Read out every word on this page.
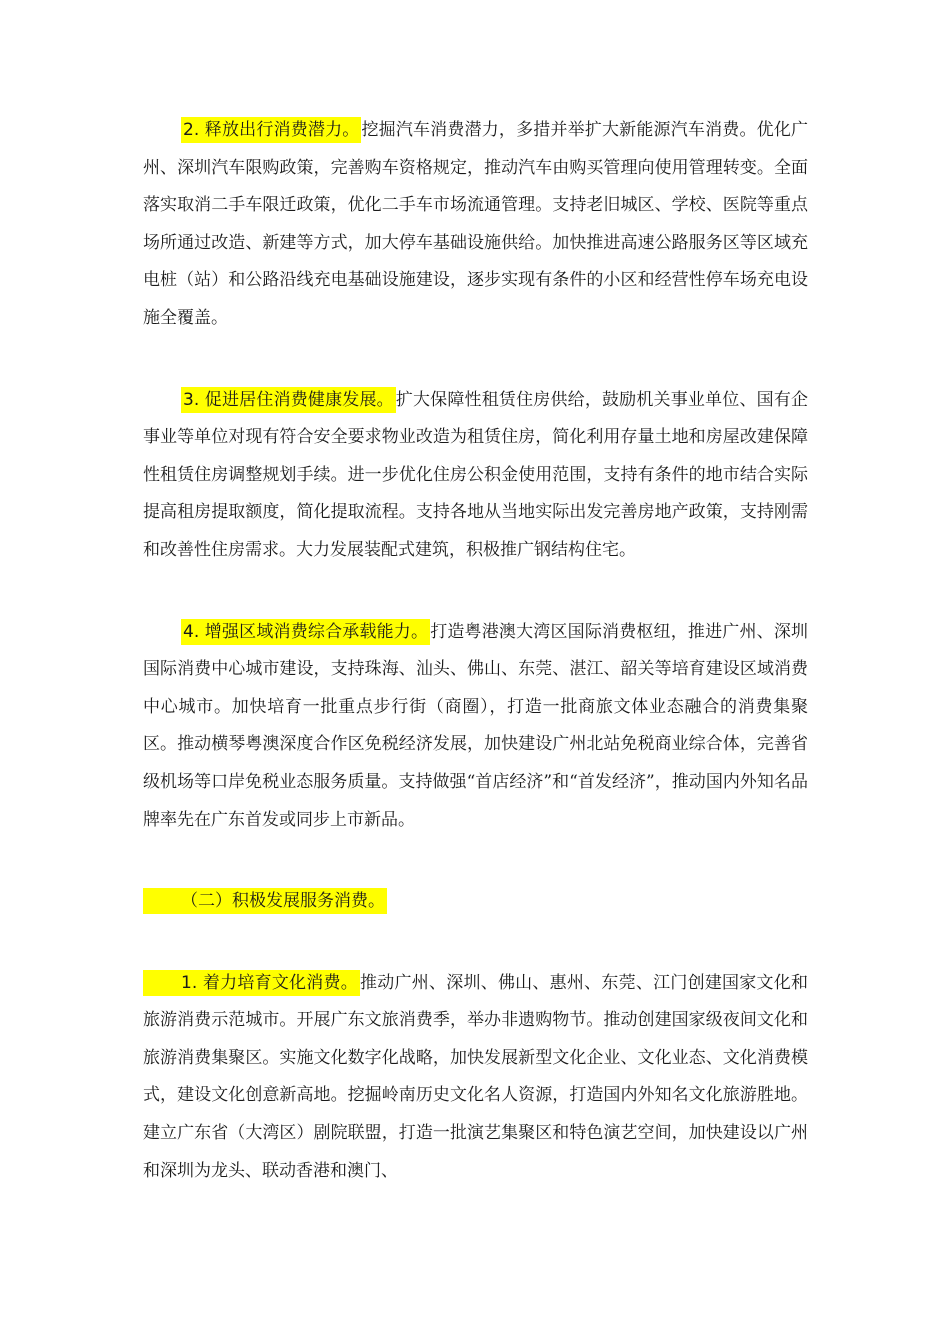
2. 释放出行消费潜力。 挖掘汽车消费潜力，多措并举扩大新能源汽车消费。优化广州、深圳汽车限购政策，完善购车资格规定，推动汽车由购买管理向使用管理转变。全面落实取消二手车限迁政策，优化二手车市场流通管理。支持老旧城区、学校、医院等重点场所通过改造、新建等方式，加大停车基础设施供给。加快推进高速公路服务区等区域充电桩（站）和公路沿线充电基础设施建设，逐步实现有条件的小区和经营性停车场充电设施全覆盖。

3. 促进居住消费健康发展。 扩大保障性租赁住房供给，鼓励机关事业单位、国有企事业等单位对现有符合安全要求物业改造为租赁住房，简化利用存量土地和房屋改建保障性租赁住房调整规划手续。进一步优化住房公积金使用范围，支持有条件的地市结合实际提高租房提取额度，简化提取流程。支持各地从当地实际出发完善房地产政策，支持刚需和改善性住房需求。大力发展装配式建筑，积极推广钢结构住宅。

4. 增强区域消费综合承载能力。 打造粤港澳大湾区国际消费枢纽，推进广州、深圳国际消费中心城市建设，支持珠海、汕头、佛山、东莞、湛江、韶关等培育建设区域消费中心城市。加快培育一批重点步行街（商圈），打造一批商旅文体业态融合的消费集聚区。推动横琴粤澳深度合作区免税经济发展，加快建设广州北站免税商业综合体，完善省级机场等口岸免税业态服务质量。支持做强“首店经济”和“首发经济”，推动国内外知名品牌率先在广东首发或同步上市新品。

（二）积极发展服务消费。

1. 着力培育文化消费。 推动广州、深圳、佛山、惠州、东莞、江门创建国家文化和旅游消费示范城市。开展广东文旅消费季，举办非遗购物节。推动创建国家级夜间文化和旅游消费集聚区。实施文化数字化战略，加快发展新型文化企业、文化业态、文化消费模式，建设文化创意新高地。挖掘岭南历史文化名人资源，打造国内外知名文化旅游胜地。建立广东省（大湾区）剧院联盟，打造一批演艺集聚区和特色演艺空间，加快建设以广州和深圳为龙头、联动香港和澳门、
